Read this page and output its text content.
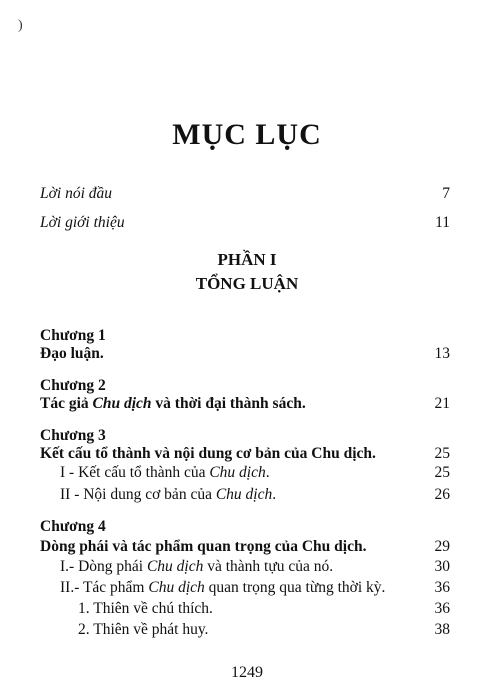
)
MỤC LỤC
Lời nói đầu	7
Lời giới thiệu	11
PHẦN I
TỔNG LUẬN
Chương 1
Đạo luận.	13
Chương 2
Tác giả Chu dịch và thời đại thành sách.	21
Chương 3
Kết cấu tổ thành và nội dung cơ bản của Chu dịch.	25
I - Kết cấu tổ thành của Chu dịch.	25
II - Nội dung cơ bản của Chu dịch.	26
Chương 4
Dòng phái và tác phẩm quan trọng của Chu dịch.	29
I.- Dòng phái Chu dịch và thành tựu của nó.	30
II.- Tác phẩm Chu dịch quan trọng qua từng thời kỳ.	36
1. Thiên về chú thích.	36
2. Thiên về phát huy.	38
1249
